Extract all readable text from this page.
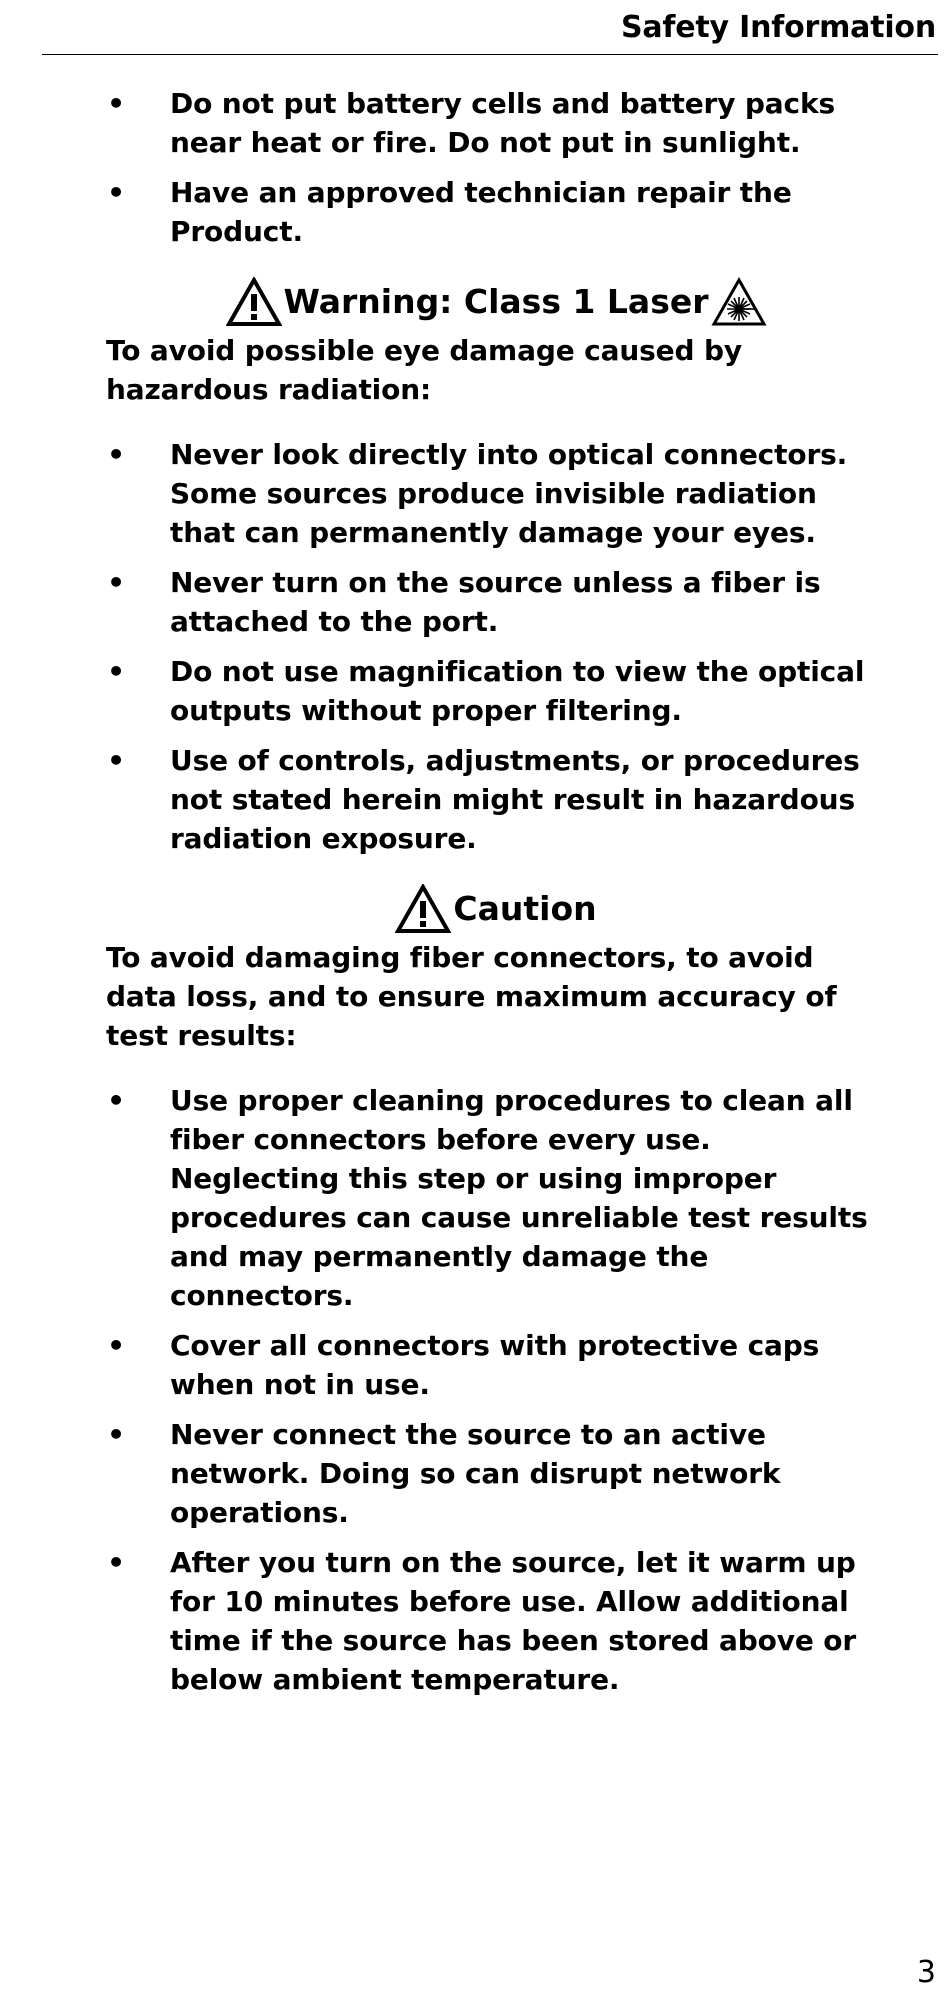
Safety Information
• Do not put battery cells and battery packs near heat or fire. Do not put in sunlight.
• Have an approved technician repair the Product.
Warning: Class 1 Laser

To avoid possible eye damage caused by hazardous radiation:

• Never look directly into optical connectors. Some sources produce invisible radiation that can permanently damage your eyes.
• Never turn on the source unless a fiber is attached to the port.
• Do not use magnification to view the optical outputs without proper filtering.
• Use of controls, adjustments, or procedures not stated herein might result in hazardous radiation exposure.
Caution

To avoid damaging fiber connectors, to avoid data loss, and to ensure maximum accuracy of test results:

• Use proper cleaning procedures to clean all fiber connectors before every use. Neglecting this step or using improper procedures can cause unreliable test results and may permanently damage the connectors.
• Cover all connectors with protective caps when not in use.
• Never connect the source to an active network. Doing so can disrupt network operations.
• After you turn on the source, let it warm up for 10 minutes before use. Allow additional time if the source has been stored above or below ambient temperature.
3
